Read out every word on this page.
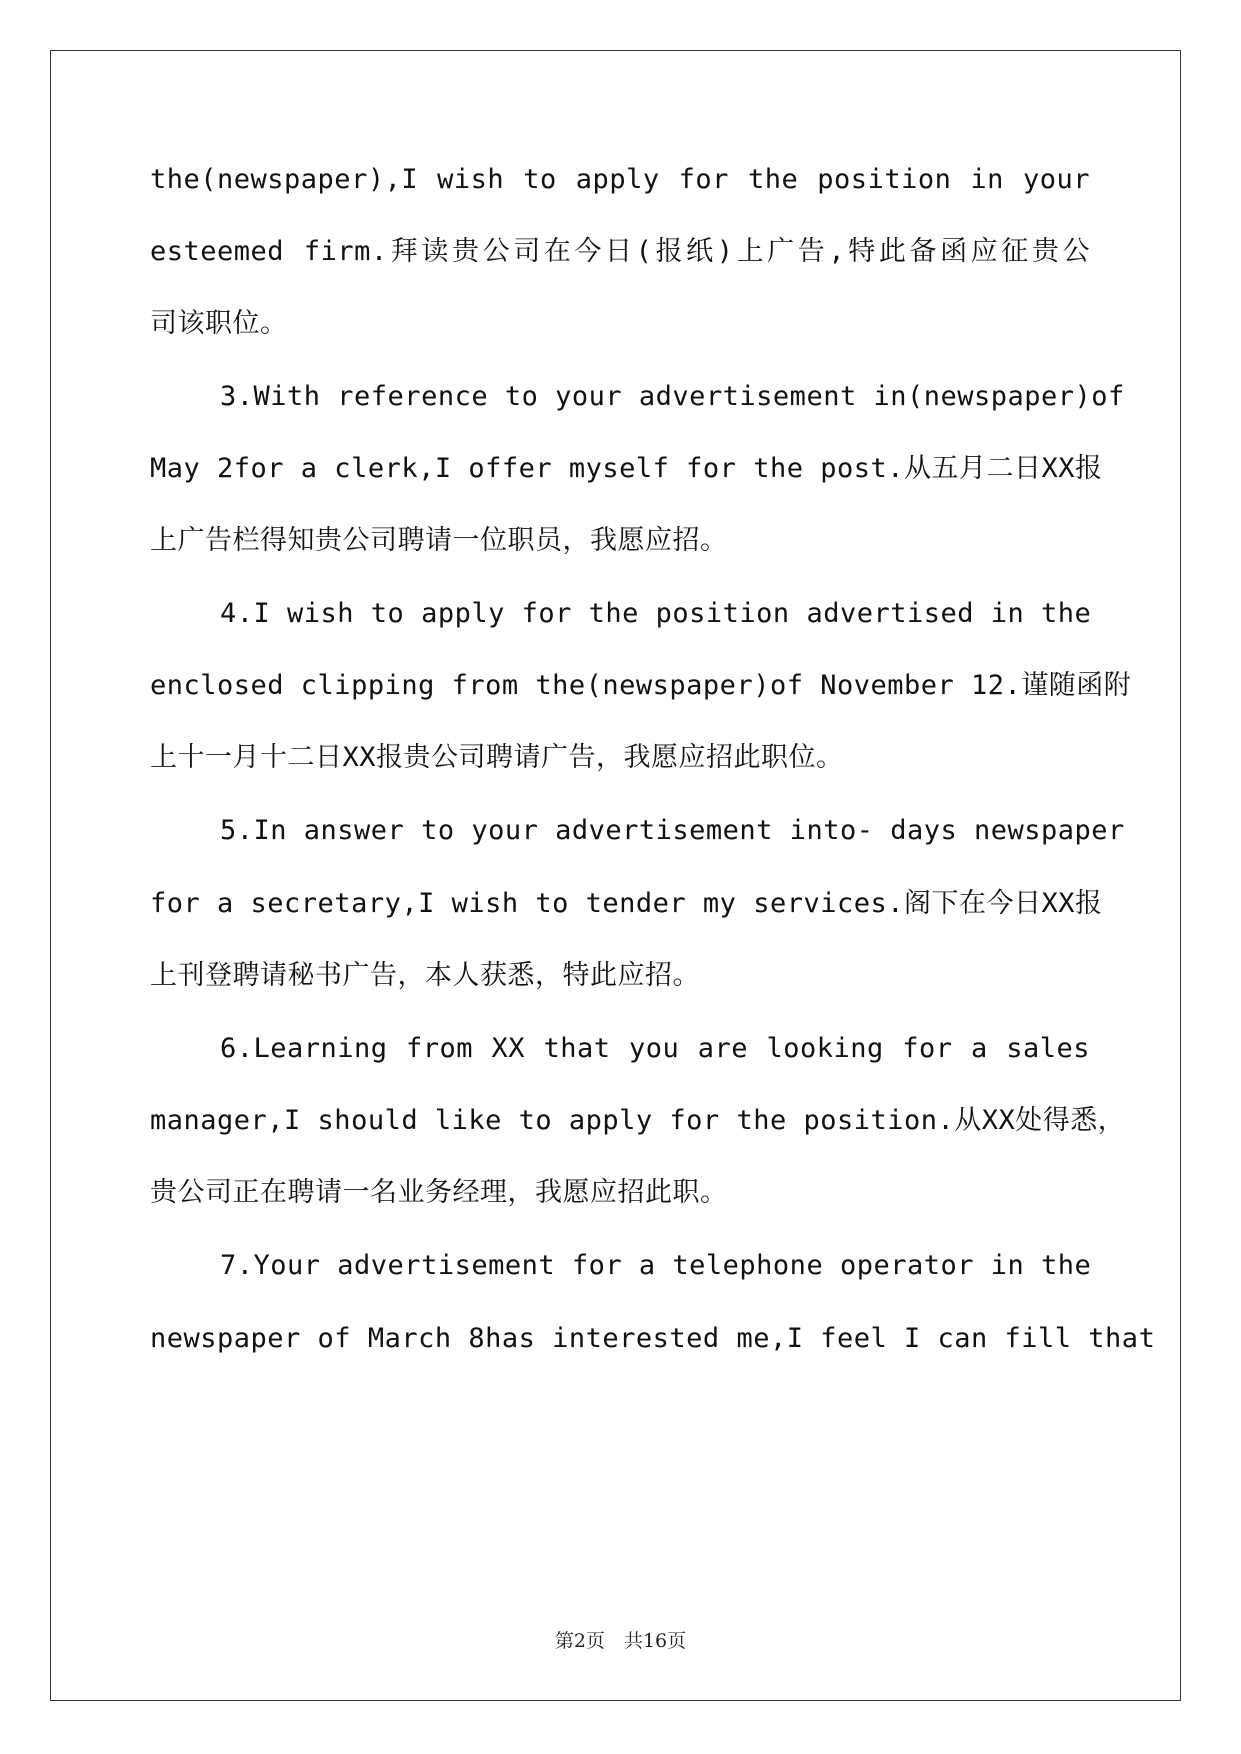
the(newspaper),I wish to apply for the position in your
esteemed firm.拜读贵公司在今日(报纸)上广告,特此备函应征贵公
司该职位。
3.With reference to your advertisement in(newspaper)of
May 2for a clerk,I offer myself for the post.从五月二日XX报
上广告栏得知贵公司聘请一位职员，我愿应招。
4.I wish to apply for the position advertised in the
enclosed clipping from the(newspaper)of November 12.谨随函附
上十一月十二日XX报贵公司聘请广告，我愿应招此职位。
5.In answer to your advertisement into- days newspaper
for a secretary,I wish to tender my services.阁下在今日XX报
上刊登聘请秘书广告，本人获悉，特此应招。
6.Learning from XX that you are looking for a sales
manager,I should like to apply for the position.从XX处得悉，
贵公司正在聘请一名业务经理，我愿应招此职。
7.Your advertisement for a telephone operator in the
newspaper of March 8has interested me,I feel I can fill that
第2页　共16页
